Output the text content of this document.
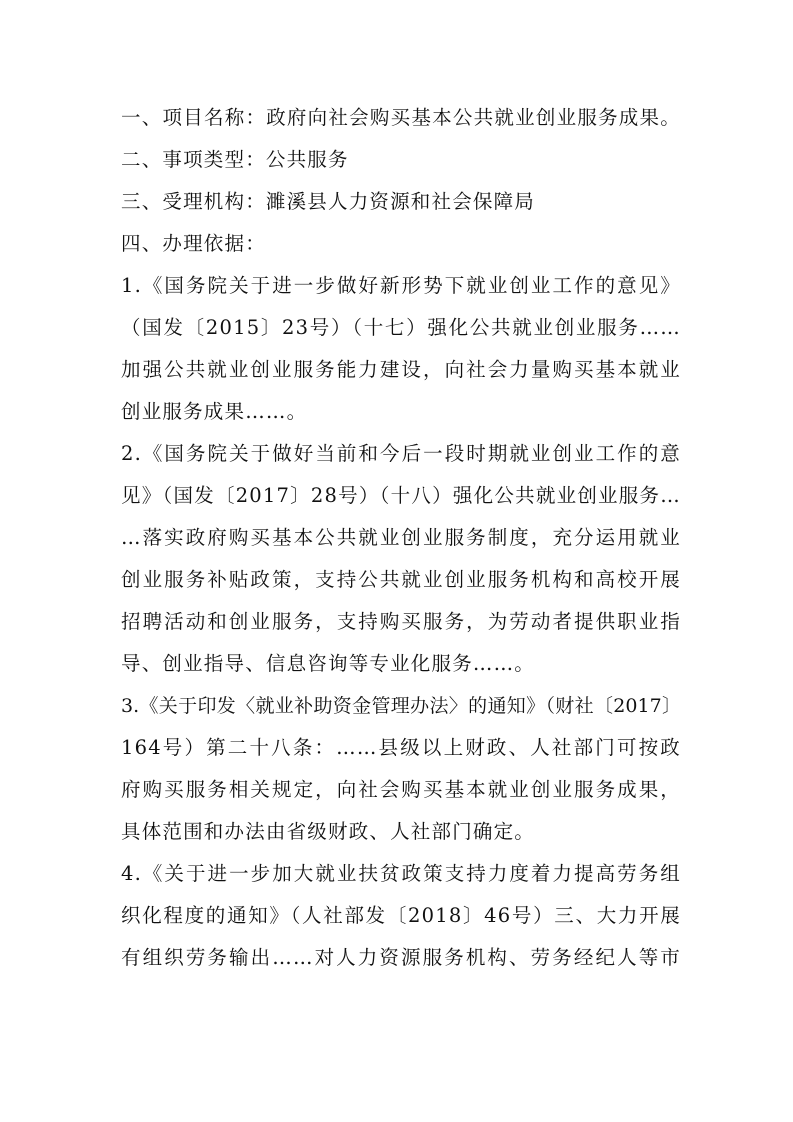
一、项目名称：政府向社会购买基本公共就业创业服务成果。
二、事项类型：公共服务
三、受理机构：濉溪县人力资源和社会保障局
四、办理依据：
1.《国务院关于进一步做好新形势下就业创业工作的意见》
（国发〔2015〕23号）（十七）强化公共就业创业服务……
加强公共就业创业服务能力建设，向社会力量购买基本就业
创业服务成果……。
2.《国务院关于做好当前和今后一段时期就业创业工作的意
见》（国发〔2017〕28号）（十八）强化公共就业创业服务…
…落实政府购买基本公共就业创业服务制度，充分运用就业
创业服务补贴政策，支持公共就业创业服务机构和高校开展
招聘活动和创业服务，支持购买服务，为劳动者提供职业指
导、创业指导、信息咨询等专业化服务……。
3.《关于印发〈就业补助资金管理办法〉的通知》（财社〔2017〕
164号）第二十八条：……县级以上财政、人社部门可按政
府购买服务相关规定，向社会购买基本就业创业服务成果，
具体范围和办法由省级财政、人社部门确定。
4.《关于进一步加大就业扶贫政策支持力度着力提高劳务组
织化程度的通知》（人社部发〔2018〕46号）三、大力开展
有组织劳务输出……对人力资源服务机构、劳务经纪人等市
